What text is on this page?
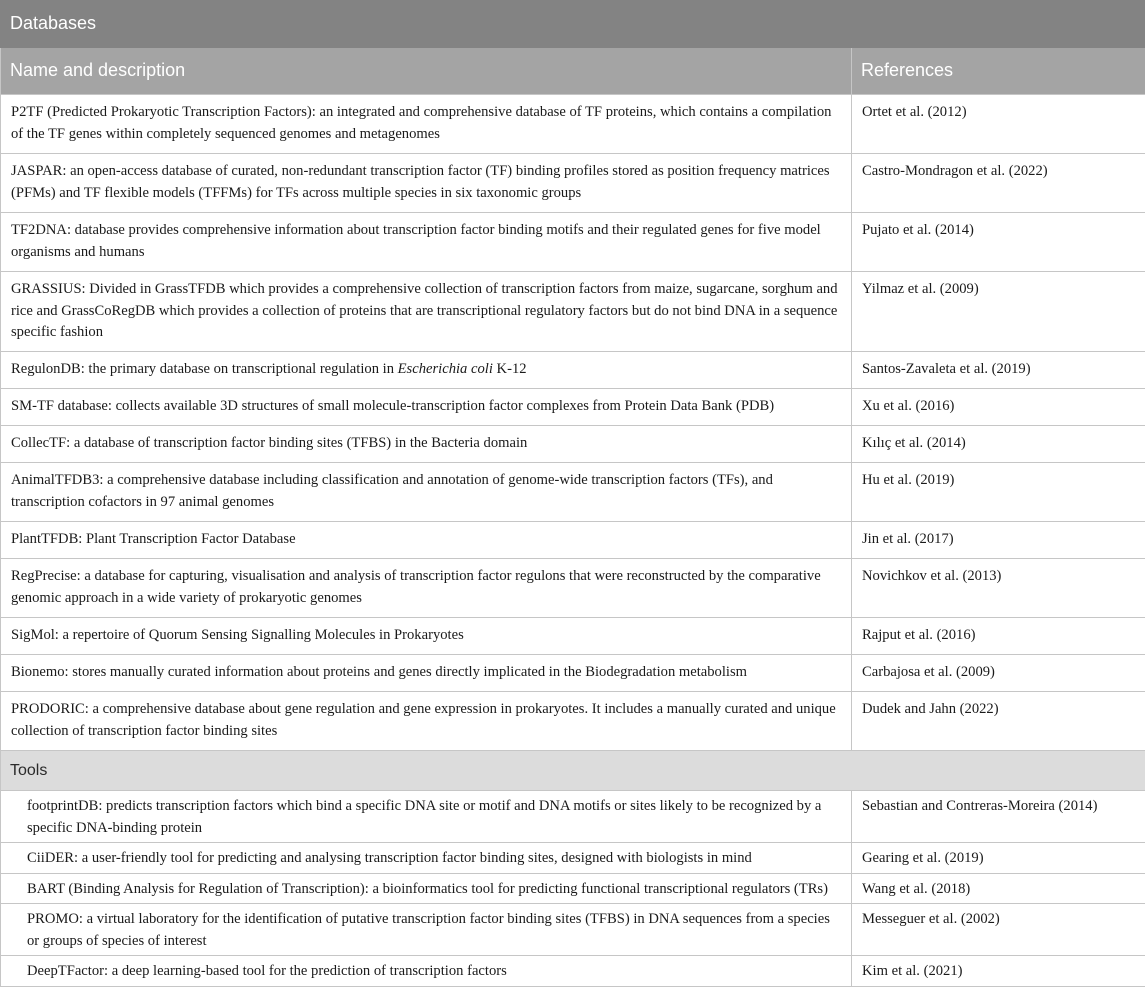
Databases	
Name and description	References
P2TF (Predicted Prokaryotic Transcription Factors): an integrated and comprehensive database of TF proteins, which contains a compilation of the TF genes within completely sequenced genomes and metagenomes	Ortet et al. (2012)
JASPAR: an open-access database of curated, non-redundant transcription factor (TF) binding profiles stored as position frequency matrices (PFMs) and TF flexible models (TFFMs) for TFs across multiple species in six taxonomic groups	Castro-Mondragon et al. (2022)
TF2DNA: database provides comprehensive information about transcription factor binding motifs and their regulated genes for five model organisms and humans	Pujato et al. (2014)
GRASSIUS: Divided in GrassTFDB which provides a comprehensive collection of transcription factors from maize, sugarcane, sorghum and rice and GrassCoRegDB which provides a collection of proteins that are transcriptional regulatory factors but do not bind DNA in a sequence specific fashion	Yilmaz et al. (2009)
RegulonDB: the primary database on transcriptional regulation in Escherichia coli K-12	Santos-Zavaleta et al. (2019)
SM-TF database: collects available 3D structures of small molecule-transcription factor complexes from Protein Data Bank (PDB)	Xu et al. (2016)
CollecTF: a database of transcription factor binding sites (TFBS) in the Bacteria domain	Kılıç et al. (2014)
AnimalTFDB3: a comprehensive database including classification and annotation of genome-wide transcription factors (TFs), and transcription cofactors in 97 animal genomes	Hu et al. (2019)
PlantTFDB: Plant Transcription Factor Database	Jin et al. (2017)
RegPrecise: a database for capturing, visualisation and analysis of transcription factor regulons that were reconstructed by the comparative genomic approach in a wide variety of prokaryotic genomes	Novichkov et al. (2013)
SigMol: a repertoire of Quorum Sensing Signalling Molecules in Prokaryotes	Rajput et al. (2016)
Bionemo: stores manually curated information about proteins and genes directly implicated in the Biodegradation metabolism	Carbajosa et al. (2009)
PRODORIC: a comprehensive database about gene regulation and gene expression in prokaryotes. It includes a manually curated and unique collection of transcription factor binding sites	Dudek and Jahn (2022)
Tools	
footprintDB: predicts transcription factors which bind a specific DNA site or motif and DNA motifs or sites likely to be recognized by a specific DNA-binding protein	Sebastian and Contreras-Moreira (2014)
CiiDER: a user-friendly tool for predicting and analysing transcription factor binding sites, designed with biologists in mind	Gearing et al. (2019)
BART (Binding Analysis for Regulation of Transcription): a bioinformatics tool for predicting functional transcriptional regulators (TRs)	Wang et al. (2018)
PROMO: a virtual laboratory for the identification of putative transcription factor binding sites (TFBS) in DNA sequences from a species or groups of species of interest	Messeguer et al. (2002)
DeepTFactor: a deep learning-based tool for the prediction of transcription factors	Kim et al. (2021)
